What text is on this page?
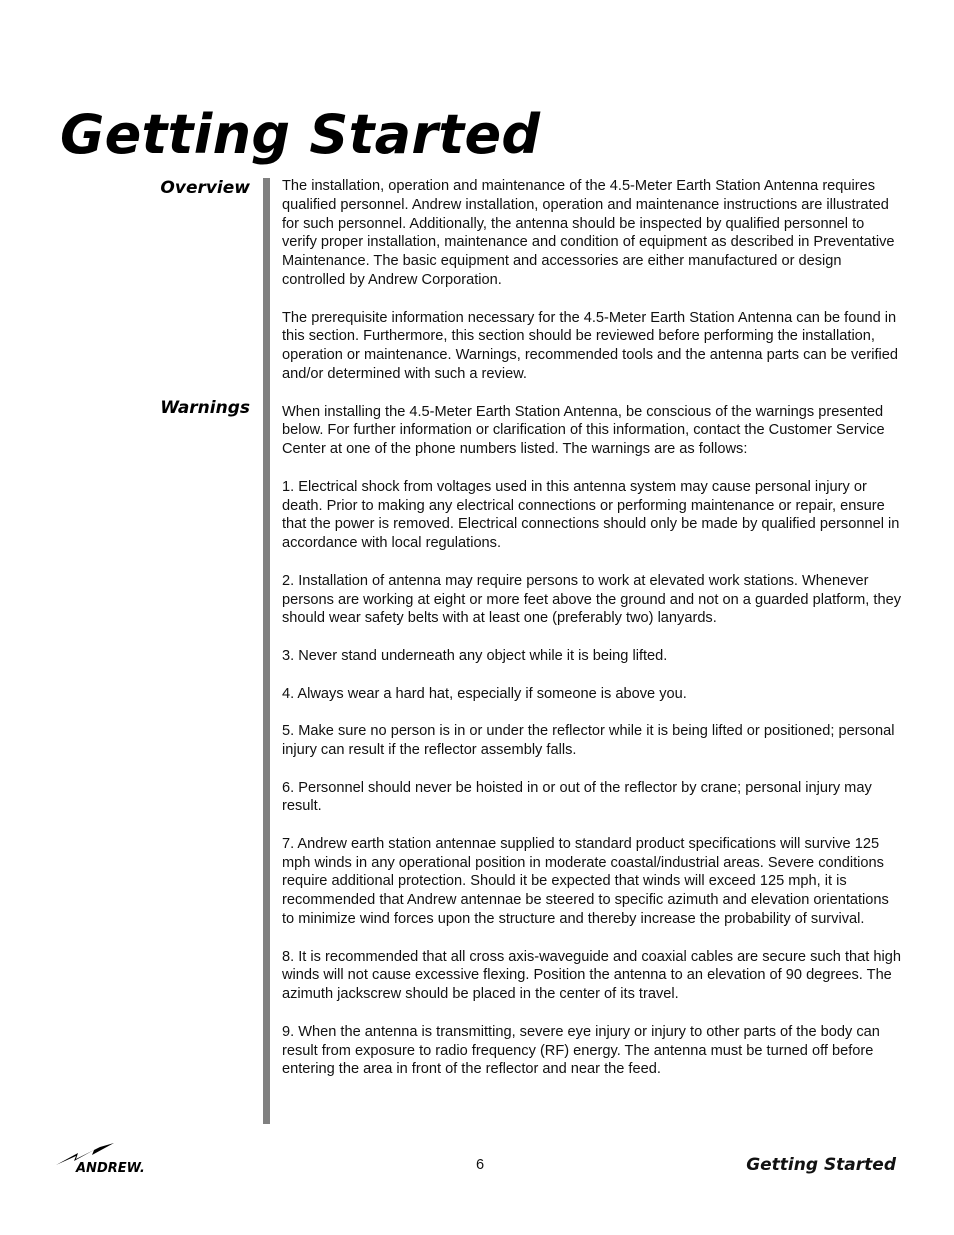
Getting Started
Overview
Warnings

The installation, operation and maintenance of the 4.5-Meter Earth Station Antenna requires qualified personnel. Andrew installation, operation and maintenance instructions are illustrated for such personnel. Additionally, the antenna should be inspected by qualified personnel to verify proper installation, maintenance and condition of equipment as described in Preventative Maintenance. The basic equipment and accessories are either manufactured or design controlled by Andrew Corporation.

The prerequisite information necessary for the 4.5-Meter Earth Station Antenna can be found in this section. Furthermore, this section should be reviewed before performing the installation, operation or maintenance. Warnings, recommended tools and the antenna parts can be verified and/or determined with such a review.

When installing the 4.5-Meter Earth Station Antenna, be conscious of the warnings presented below. For further information or clarification of this information, contact the Customer Service Center at one of the phone numbers listed. The warnings are as follows:

1. Electrical shock from voltages used in this antenna system may cause personal injury or death. Prior to making any electrical connections or performing maintenance or repair, ensure that the power is removed. Electrical connections should only be made by qualified personnel in accordance with local regulations.

2. Installation of antenna may require persons to work at elevated work stations. Whenever persons are working at eight or more feet above the ground and not on a guarded platform, they should wear safety belts with at least one (preferably two) lanyards.

3. Never stand underneath any object while it is being lifted.

4. Always wear a hard hat, especially if someone is above you.

5. Make sure no person is in or under the reflector while it is being lifted or positioned; personal injury can result if the reflector assembly falls.

6. Personnel should never be hoisted in or out of the reflector by crane; personal injury may result.

7. Andrew earth station antennae supplied to standard product specifications will survive 125 mph winds in any operational position in moderate coastal/industrial areas. Severe conditions require additional protection. Should it be expected that winds will exceed 125 mph, it is recommended that Andrew antennae be steered to specific azimuth and elevation orientations to minimize wind forces upon the structure and thereby increase the probability of survival.

8. It is recommended that all cross axis-waveguide and coaxial cables are secure such that high winds will not cause excessive flexing. Position the antenna to an elevation of 90 degrees. The azimuth jackscrew should be placed in the center of its travel.

9. When the antenna is transmitting, severe eye injury or injury to other parts of the body can result from exposure to radio frequency (RF) energy. The antenna must be turned off before entering the area in front of the reflector and near the feed.

ANDREW.	6	Getting Started
